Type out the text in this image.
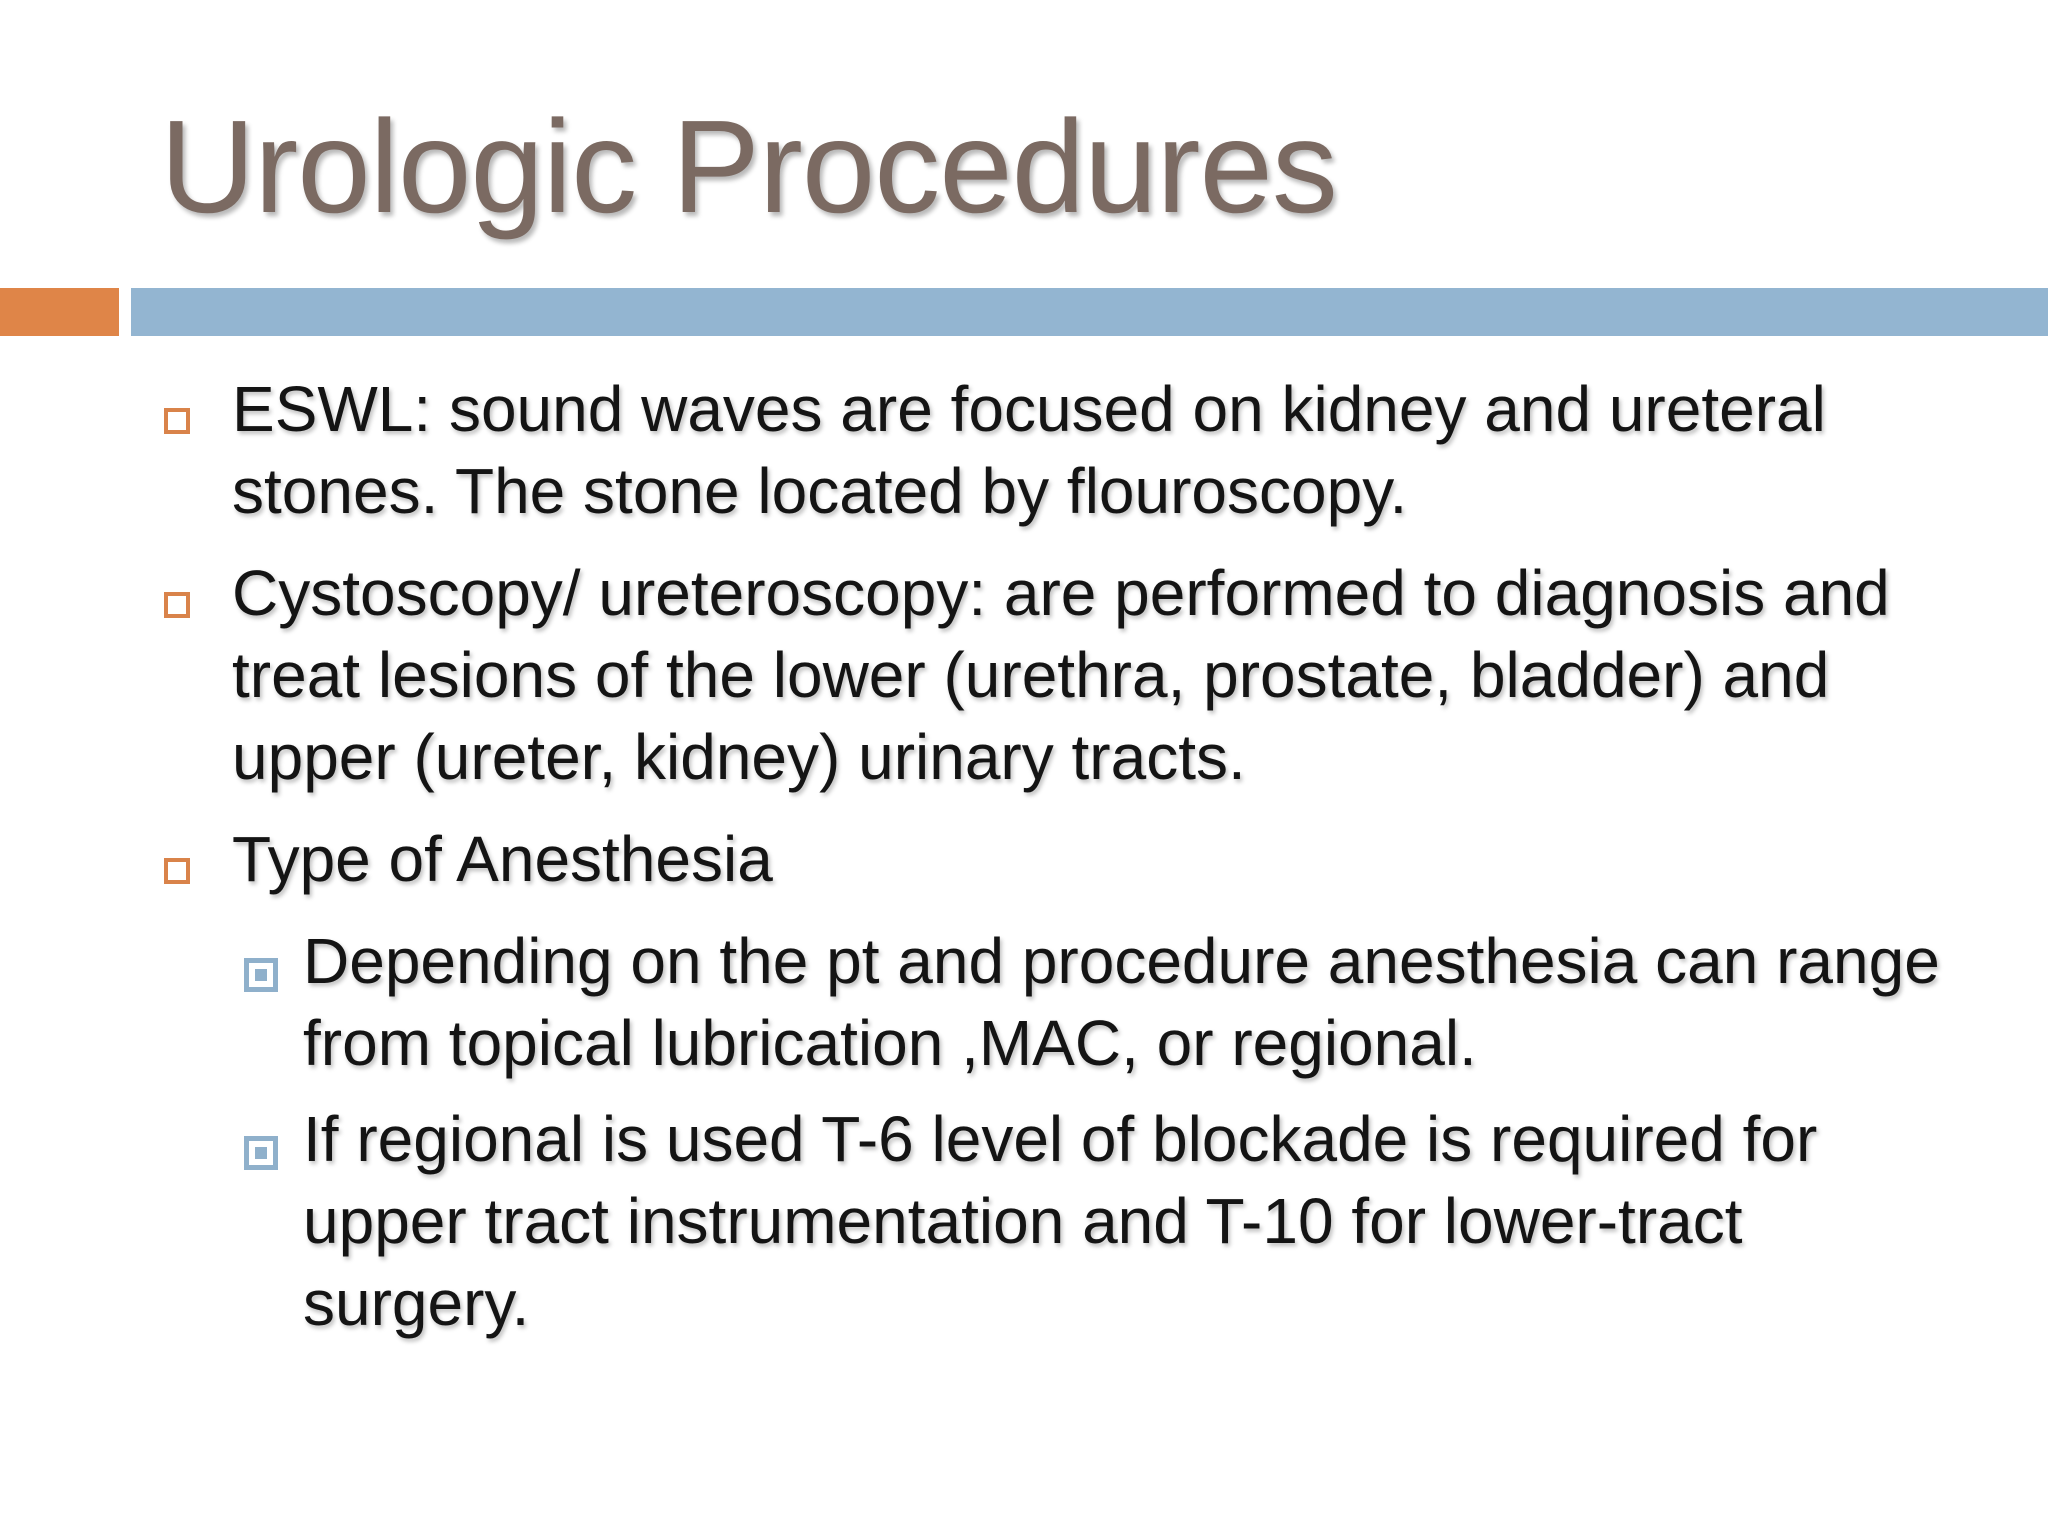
Urologic Procedures
ESWL: sound waves are focused on kidney and ureteral stones. The stone located by flouroscopy.
Cystoscopy/ ureteroscopy: are performed to diagnosis and treat lesions of the lower (urethra, prostate, bladder) and upper (ureter, kidney) urinary tracts.
Type of Anesthesia
Depending on the pt and procedure anesthesia can range from topical lubrication ,MAC, or regional.
If regional is used T-6 level of blockade is required for upper tract instrumentation and T-10 for lower-tract surgery.
